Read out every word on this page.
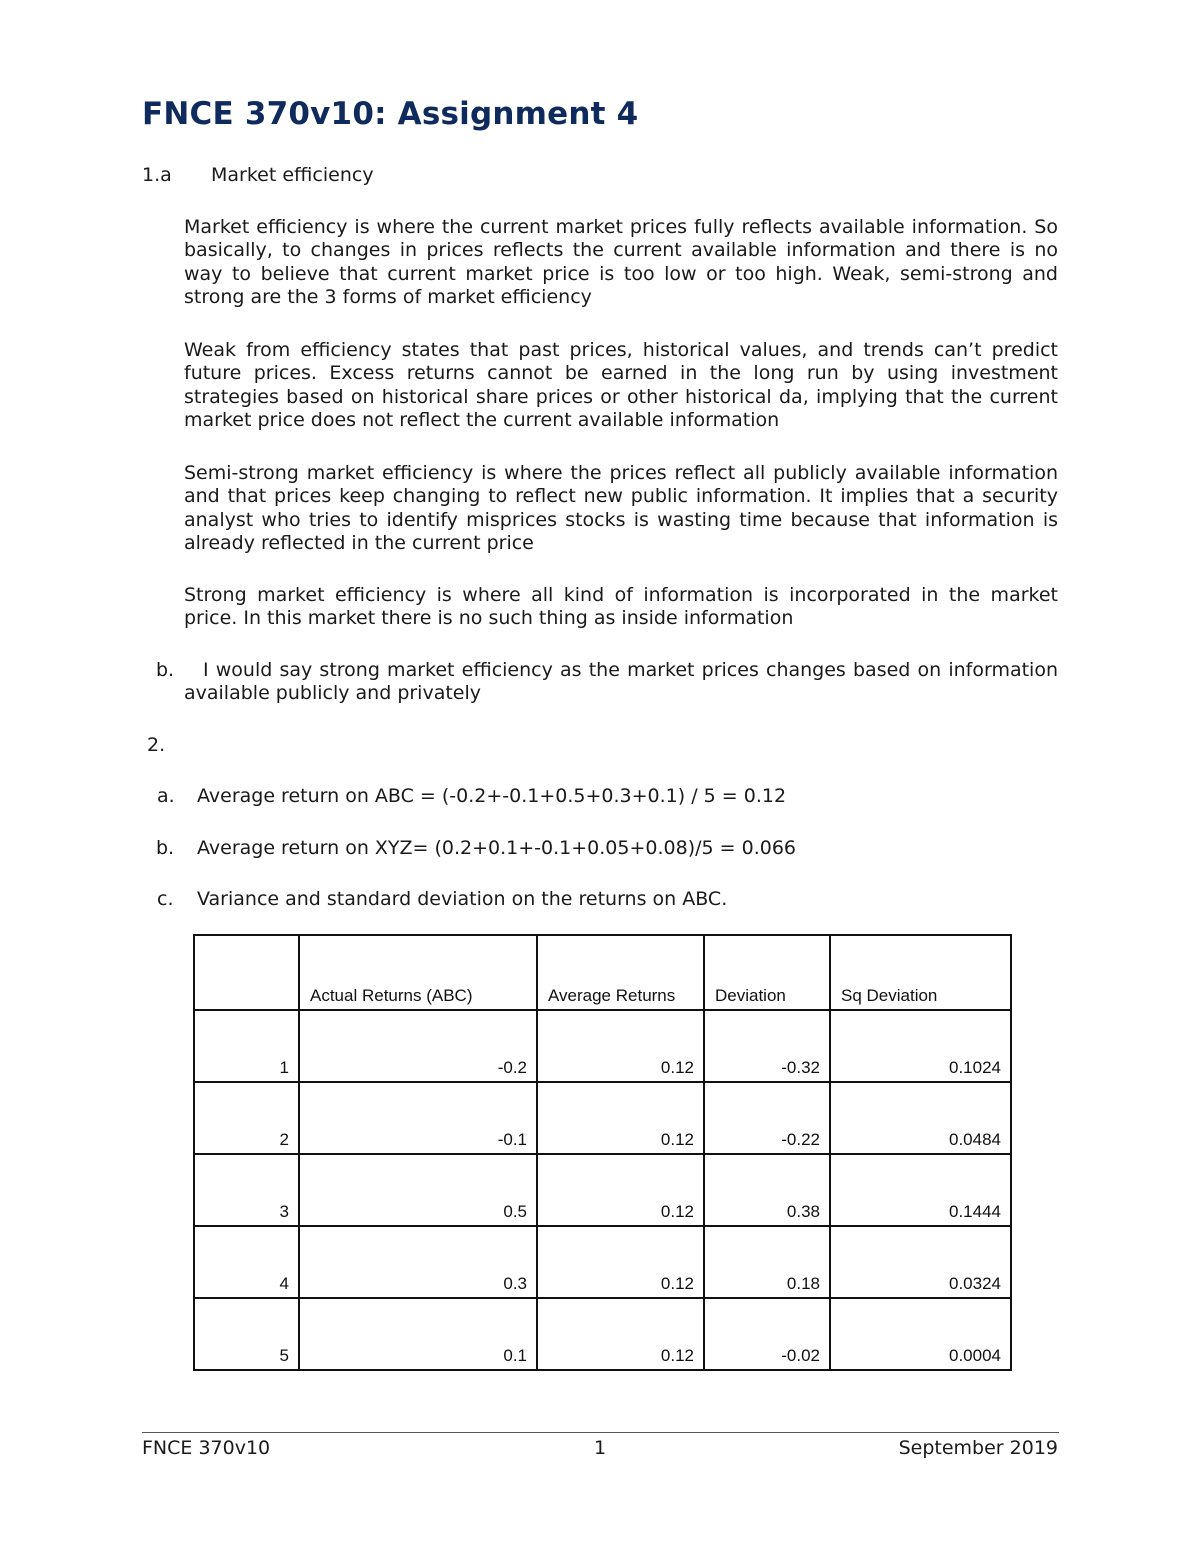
FNCE 370v10: Assignment 4
1.a Market efficiency

Market efficiency is where the current market prices fully reflects available information. So basically, to changes in prices reflects the current available information and there is no way to believe that current market price is too low or too high. Weak, semi-strong and strong are the 3 forms of market efficiency

Weak from efficiency states that past prices, historical values, and trends can’t predict future prices. Excess returns cannot be earned in the long run by using investment strategies based on historical share prices or other historical da, implying that the current market price does not reflect the current available information

Semi-strong market efficiency is where the prices reflect all publicly available information and that prices keep changing to reflect new public information. It implies that a security analyst who tries to identify misprices stocks is wasting time because that information is already reflected in the current price

Strong market efficiency is where all kind of information is incorporated in the market price. In this market there is no such thing as inside information

b.	I would say strong market efficiency as the market prices changes based on information available publicly and privately

2.
a. Average return on ABC = (-0.2+-0.1+0.5+0.3+0.1) / 5 = 0.12
b. Average return on XYZ= (0.2+0.1+-0.1+0.05+0.08)/5 = 0.066
c. Variance and standard deviation on the returns on ABC.
	Actual Returns (ABC)	Average Returns	Deviation	Sq Deviation
1	-0.2	0.12	-0.32	0.1024
2	-0.1	0.12	-0.22	0.0484
3	0.5	0.12	0.38	0.1444
4	0.3	0.12	0.18	0.0324
5	0.1	0.12	-0.02	0.0004
FNCE 370v10	1	September 2019
